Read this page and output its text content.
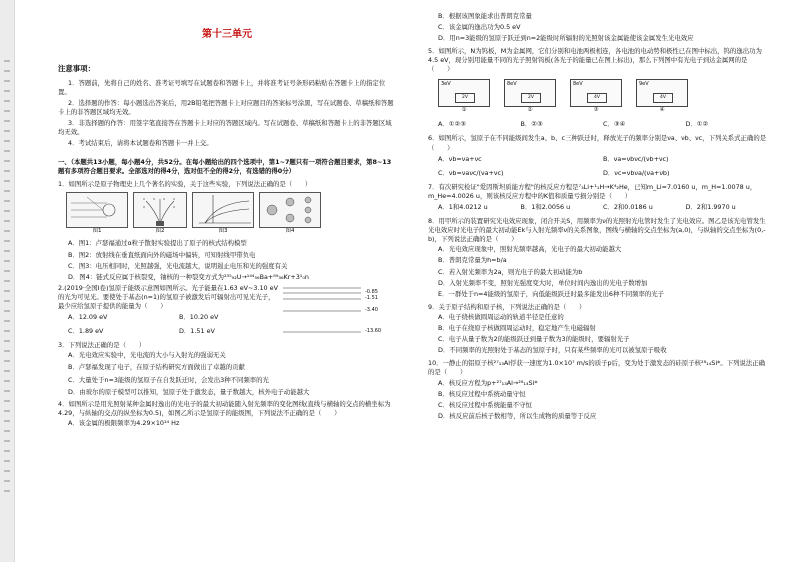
第十三单元
注意事项：
1．答题前，先将自己的姓名、准考证号填写在试题卷和答题卡上，并将准考证号条形码粘贴在答题卡上的指定位置。
2．选择题的作答：每小题选出答案后，用2B铅笔把答题卡上对应题目的答案标号涂黑，写在试题卷、草稿纸和答题卡上的非答题区域均无效。
3．非选择题的作答：用签字笔直接答在答题卡上对应的答题区域内。写在试题卷、草稿纸和答题卡上的非答题区域均无效。
4．考试结束后，请将本试题卷和答题卡一并上交。
一、（本题共13小题，每小题4分，共52分。在每小题给出的四个选项中，第1~7题只有一项符合题目要求，第8~13题有多项符合题目要求。全部选对的得4分，选对但不全的得2分，有选错的得0分）
1．如图所示是原子物理史上几个著名的实验，关于这些实验，下列说法正确的是（　　）
图1	图2	图3	图4
A．图1：卢瑟福通过α粒子散射实验提出了原子的核式结构模型
B．图2：放射线在垂直纸面向外的磁场中偏转，可知射线甲带负电
C．图3：电压相同时，光照越强，光电流越大，说明遏止电压和光的强度有关
D．图4：链式反应属于核裂变，铀核的一种裂变方式为²³⁵₉₂U→¹⁴⁴₅₆Ba+⁸⁹₃₆Kr+3¹₀n
2.(2019·全国Ⅰ卷)氢原子能级示意图如图所示。光子能量在1.63 eV~3.10 eV的光为可见光。要使处于基态(n=1)的氢原子被激发后可辐射出可见光光子，最少应给氢原子提供的能量为（　　）
-0.85
-1.51
-3.40
-13.60
A．12.09 eV	B．10.20 eV
C．1.89 eV	D．1.51 eV
3．下列说法正确的是（　　）
A．光电效应实验中，光电流的大小与入射光的强弱无关
B．卢瑟福发现了电子，在原子结构研究方面做出了卓越的贡献
C．大量处于n=3能级的氢原子在自发跃迁时，会发出3种不同频率的光
D．由玻尔的原子模型可以推知，氢原子处于激发态，量子数越大，核外电子动能越大
4．如图所示是用光照射某种金属时逸出的光电子的最大初动能随入射光频率的变化图线(直线与横轴的交点的横坐标为4.29，与纵轴的交点的纵坐标为0.5)，如图乙所示是氢原子的能级图，下列说法不正确的是（　　）
A．该金属的极限频率为4.29×10¹⁴ Hz
B．根据该图象能求出普朗克常量
C．该金属的逸出功为0.5 eV
D．用n=3能级的氢原子跃迁到n=2能级时所辐射的光照射该金属能使该金属发生光电效应
5．如图所示，N为钨板，M为金属网，它们分别和电池两极相连，各电池的电动势和极性已在图中标出，钨的逸出功为4.5 eV，现分别用能量不同的光子照射钨板(各光子的能量已在图上标出)，那么下列图中有光电子到达金属网的是（　　）
3eV
2V
①
8eV
2V
②
8eV
4V
③
9eV
4V
④
A．①②③	B．②③	C．③④	D．①②
6．如图所示，氢原子在不同能级间发生a、b、c三种跃迁时，释放光子的频率分别是νa、νb、νc，下列关系式正确的是（　　）
A．νb=νa+νc	B．νa=νbνc/(νb+νc)
C．νb=νaνc/(νa+νc)	D．νc=νbνa/(νa+νb)
7．有次研究检证"爱因斯坦质能方程"的核反应方程是⁷₃Li+¹₁H→K⁴₂He，已知m_Li=7.0160 u，m_H=1.0078 u，m_He=4.0026 u，则该核反应方程中的K值和质量亏损分别是（　　）
A．1和4.0212 u	B．1和2.0056 u	C．2和0.0186 u	D．2和1.9970 u
8．用甲所示的装置研究光电效应现象，闭合开关S，用频率为ν的光照射光电管时发生了光电效应。图乙是该光电管发生光电效应时光电子的最大初动能Ek与入射光频率ν的关系图象，图线与横轴的交点坐标为(a,0)，与纵轴的交点坐标为(0,-b)，下列说法正确的是（　　）
A．光电效应现象中，照射光频率越高，光电子的最大初动能越大
B．普朗克常量为h=b/a
C．若入射光频率为2a，则光电子的最大初动能为b
D．入射光频率不变，照射光强度变大时，单位时间内逸出的光电子数增加
E．一群处于n=4能级的氢原子，向低能级跃迁时最多能发出6种不同频率的光子
9．关于原子结构和原子核，下列说法正确的是（　　）
A．电子绕核做圆周运动的轨道半径是任意的
B．电子在绕原子核做圆周运动时，稳定地产生电磁辐射
C．电子从量子数为2的能级跃迁到量子数为3的能级时，要辐射光子
D．不同频率的光照射处于基态的氢原子时，只有某些频率的光可以被氢原子吸收
10．一静止的铝原子核²⁷₁₃Al俘获一速度为1.0×10⁷ m/s的质子p后，变为处于激发态的硅原子核²⁸₁₄Si*。下列说法正确的是（　　）
A．核反应方程为p+²⁷₁₃Al→²⁸₁₄Si*
B．核反应过程中系统动量守恒
C．核反应过程中系统能量不守恒
D．核反应前后核子数相等，所以生成物的质量等于反应
